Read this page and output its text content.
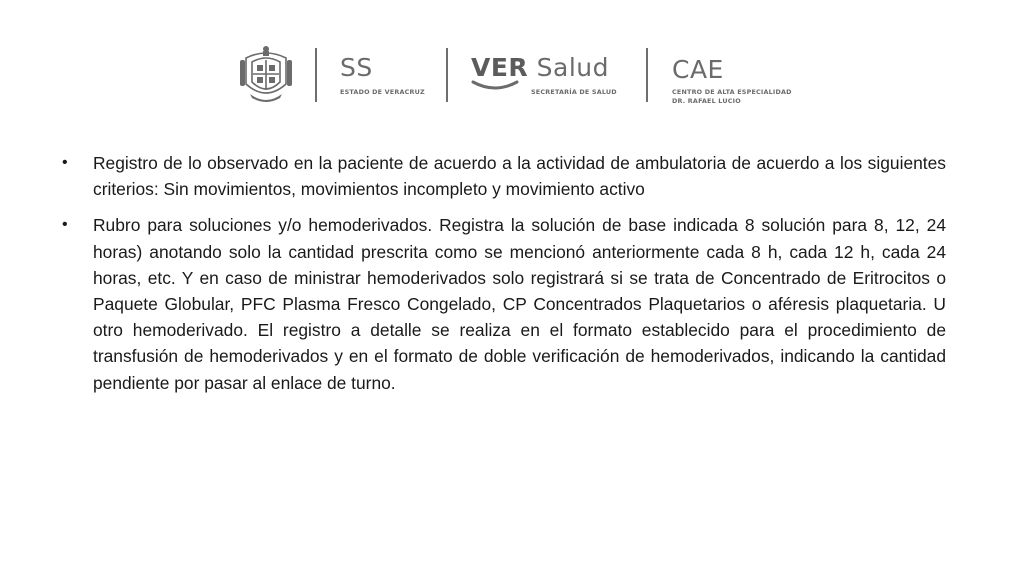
SS
ESTADO DE VERACRUZ
VER Salud
SECRETARÍA DE SALUD
CAE
CENTRO DE ALTA ESPECIALIDAD
DR. RAFAEL LUCIO
• Registro de lo observado en la paciente de acuerdo a la actividad de ambulatoria de acuerdo a los siguientes criterios: Sin movimientos, movimientos incompleto y movimiento activo
• Rubro para soluciones y/o hemoderivados. Registra la solución de base indicada 8 solución para 8, 12, 24 horas) anotando solo la cantidad prescrita como se mencionó anteriormente cada 8 h, cada 12 h, cada 24 horas, etc. Y en caso de ministrar hemoderivados solo registrará si se trata de Concentrado de Eritrocitos o Paquete Globular, PFC Plasma Fresco Congelado, CP Concentrados Plaquetarios o aféresis plaquetaria. U otro hemoderivado. El registro a detalle se realiza en el formato establecido para el procedimiento de transfusión de hemoderivados y en el formato de doble verificación de hemoderivados, indicando la cantidad pendiente por pasar al enlace de turno.
